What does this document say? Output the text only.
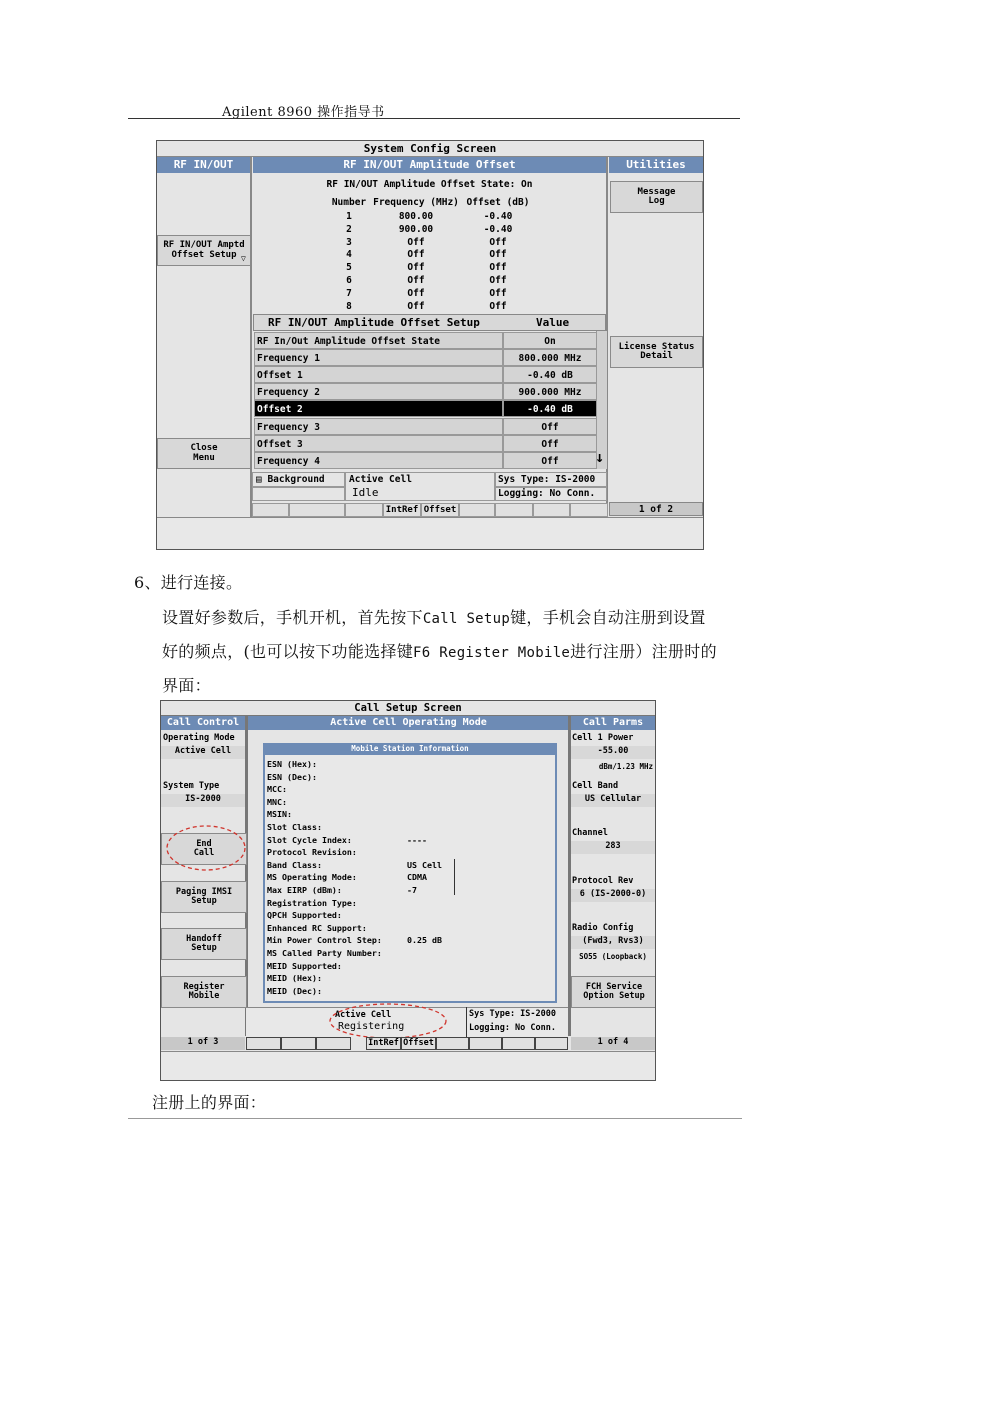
Agilent 8960 操作指导书
System Config Screen
RF IN/OUT	RF IN/OUT Amplitude Offset	Utilities
RF IN/OUT Amptd Offset Setup ▽
Close Menu
Message Log
License Status Detail
1 of 2
RF IN/OUT Amplitude Offset State: On
Number Frequency (MHz) Offset (dB)
1	800.00	-0.40
2	900.00	-0.40
3	Off	Off
4	Off	Off
5	Off	Off
6	Off	Off
7	Off	Off
8	Off	Off
RF IN/OUT Amplitude Offset Setup	Value
RF In/Out Amplitude Offset State	On
Frequency 1	800.000 MHz
Offset 1	-0.40 dB
Frequency 2	900.000 MHz
Offset 2	-0.40 dB
Frequency 3	Off
Offset 3	Off
Frequency 4	Off	↓
▤ Background	Active Cell
Idle
Sys Type: IS-2000
Logging: No Conn.
IntRef Offset
6、进行连接。
设置好参数后，手机开机，首先按下Call Setup键，手机会自动注册到设置
好的频点，(也可以按下功能选择键F6 Register Mobile进行注册）注册时的
界面：
Call Setup Screen
Call Control	Active Cell Operating Mode	Call Parms
Operating Mode
Active Cell
System Type
IS-2000
End Call
Paging IMSI Setup
Handoff Setup
Register Mobile
1 of 3
Cell 1 Power
-55.00
dBm/1.23 MHz
Cell Band
US Cellular
Channel
283
Protocol Rev
6 (IS-2000-0)
Radio Config
(Fwd3, Rvs3)
SO55 (Loopback)
FCH Service Option Setup
1 of 4
Mobile Station Information
ESN (Hex):
ESN (Dec):
MCC:
MNC:
MSIN:
Slot Class:
Slot Cycle Index:	----
Protocol Revision:
Band Class:	US Cell
MS Operating Mode:	CDMA
Max EIRP (dBm):	-7
Registration Type:
QPCH Supported:
Enhanced RC Support:
Min Power Control Step:	0.25 dB
MS Called Party Number:
MEID Supported:
MEID (Hex):
MEID (Dec):
Active Cell
Registering
Sys Type: IS-2000
Logging: No Conn.
IntRef Offset
注册上的界面：
